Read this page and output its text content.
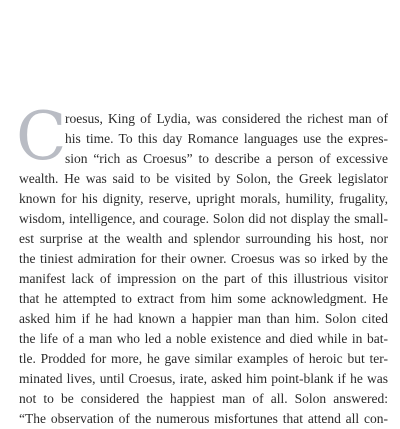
C
roesus, King of Lydia, was considered the richest man of
his time. To this day Romance languages use the expres-
sion “rich as Croesus” to describe a person of excessive
wealth. He was said to be visited by Solon, the Greek legislator
known for his dignity, reserve, upright morals, humility, frugality,
wisdom, intelligence, and courage. Solon did not display the small-
est surprise at the wealth and splendor surrounding his host, nor
the tiniest admiration for their owner. Croesus was so irked by the
manifest lack of impression on the part of this illustrious visitor
that he attempted to extract from him some acknowledgment. He
asked him if he had known a happier man than him. Solon cited
the life of a man who led a noble existence and died while in bat-
tle. Prodded for more, he gave similar examples of heroic but ter-
minated lives, until Croesus, irate, asked him point-blank if he was
not to be considered the happiest man of all. Solon answered:
“The observation of the numerous misfortunes that attend all con-
